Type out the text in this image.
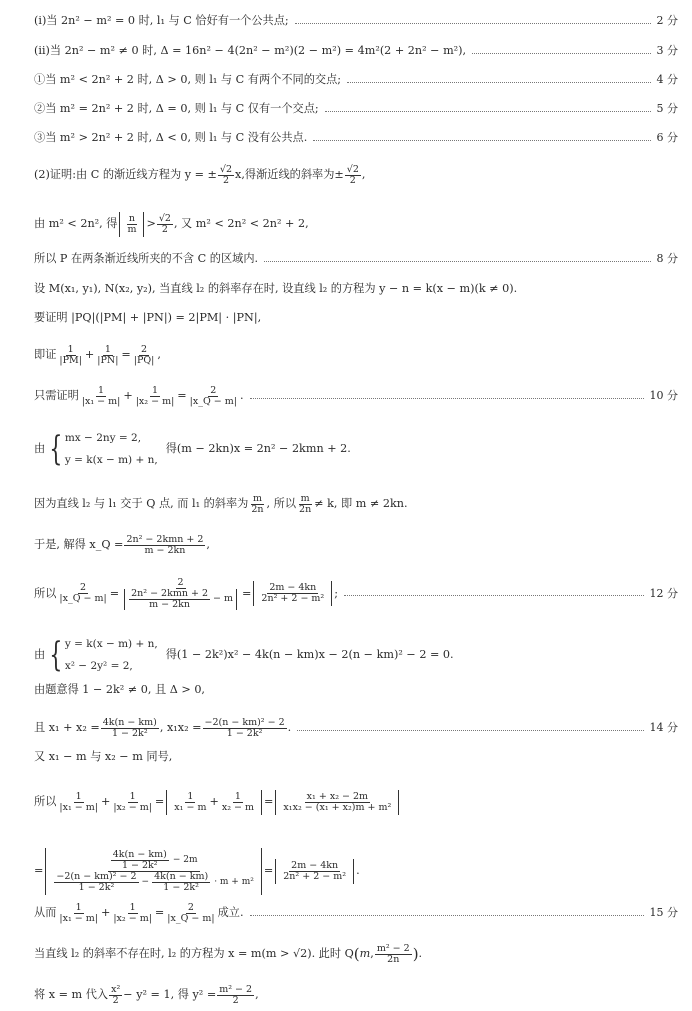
(ⅰ)当 2n² − m² = 0 时, l₁ 与 C 恰好有一个公共点;	2 分
(ⅱ)当 2n² − m² ≠ 0 时, Δ = 16n² − 4(2n² − m²)(2 − m²) = 4m²(2 + 2n² − m²),	3 分
①当 m² < 2n² + 2 时, Δ > 0, 则 l₁ 与 C 有两个不同的交点;	4 分
②当 m² = 2n² + 2 时, Δ = 0, 则 l₁ 与 C 仅有一个交点;	5 分
③当 m² > 2n² + 2 时, Δ < 0, 则 l₁ 与 C 没有公共点.	6 分
(2)证明:由 C 的渐近线方程为 y = ± $\frac{√2}{2} x$,得渐近线的斜率为± $\frac{√2}{2}$ ,
由 m² < 2n², 得 $\frac{n}{m} > \frac{√2}{2}$ , 又 m² < 2n² < 2n² + 2,
所以 P 在两条渐近线所夹的不含 C 的区域内.	8 分
设 M(x₁, y₁), N(x₂, y₂), 当直线 l₂ 的斜率存在时, 设直线 l₂ 的方程为 y − n = k(x − m)(k ≠ 0).
要证明 |PQ|(|PM| + |PN|) = 2|PM| · |PN|,
即证 $\frac{1}{|PM|} + \frac{1}{|PN|} = \frac{2}{|PQ|}$ ,
只需证明 $\frac{1}{\text{|x₁ − m|}} + \frac{1}{\text{|x₂ − m|}} = \frac{2}{|x\_Q - m|}$ .	10 分
由 { mx − 2ny = 2,
y = k(x − m) + n,
得(m − 2kn)x = 2n² − 2kmn + 2.
因为直线 l₂ 与 l₁ 交于 Q 点, 而 l₁ 的斜率为 $\frac{m}{2n}$ , 所以 $\frac{m}{2n} \ne k$, 即 m ≠ 2kn.
于是, 解得 x_Q = $\frac{\text{2n² − 2kmn + 2}}{m - 2kn}$ ,
所以 $\frac{2}{|x\_Q - m|} = \frac{2}{\frac{\text{2n² − 2kmn + 2}}{m - 2kn} - m} = \frac{2m - 4kn}{\text{2n² + 2 − m²}}$ ;	12 分
由 { y = k(x − m) + n,
x² − 2y² = 2,
得(1 − 2k²)x² − 4k(n − km)x − 2(n − km)² − 2 = 0.
由题意得 1 − 2k² ≠ 0, 且 Δ > 0,
且 $x_1 + x_2 = \frac{4k(n - km)}{\text{1 − 2k²}}$ , $x_1x_2 = \frac{\text{−2(n − km)² − 2}}{\text{1 − 2k²}}$ .	14 分
又 x₁ − m 与 x₂ − m 同号,
所以 $\frac{1}{\text{|x₁ − m|}} + \frac{1}{\text{|x₂ − m|}} = \frac{1}{\text{x₁ − m}} + \frac{1}{\text{x₂ − m}} = \frac{\text{x₁ + x₂ − 2m}}{\text{x₁x₂ − (x₁ + x₂)m + m²}}$
=	$\frac{4k(n - km)}{\text{1 − 2k²}} - 2m$
$\frac{\text{−2(n − km)² − 2}}{\text{1 − 2k²}} - \frac{4k(n - km)}{\text{1 − 2k²}} \cdot m + m^2$
= $\frac{2m - 4kn}{\text{2n² + 2 − m²}}$ .
从而 $\frac{1}{\text{|x₁ − m|}} + \frac{1}{\text{|x₂ − m|}} = \frac{2}{|x\_Q - m|}$ 成立.	15 分
当直线 l₂ 的斜率不存在时, l₂ 的方程为 x = m(m > √2). 此时 Q ( m , $\frac{\text{m² − 2}}{2n}$ ) .
将 x = m 代入 $\frac{\text{x²}}{2} - y^2 = 1$, 得 $y^2 = \frac{\text{m² − 2}}{2}$ ,
